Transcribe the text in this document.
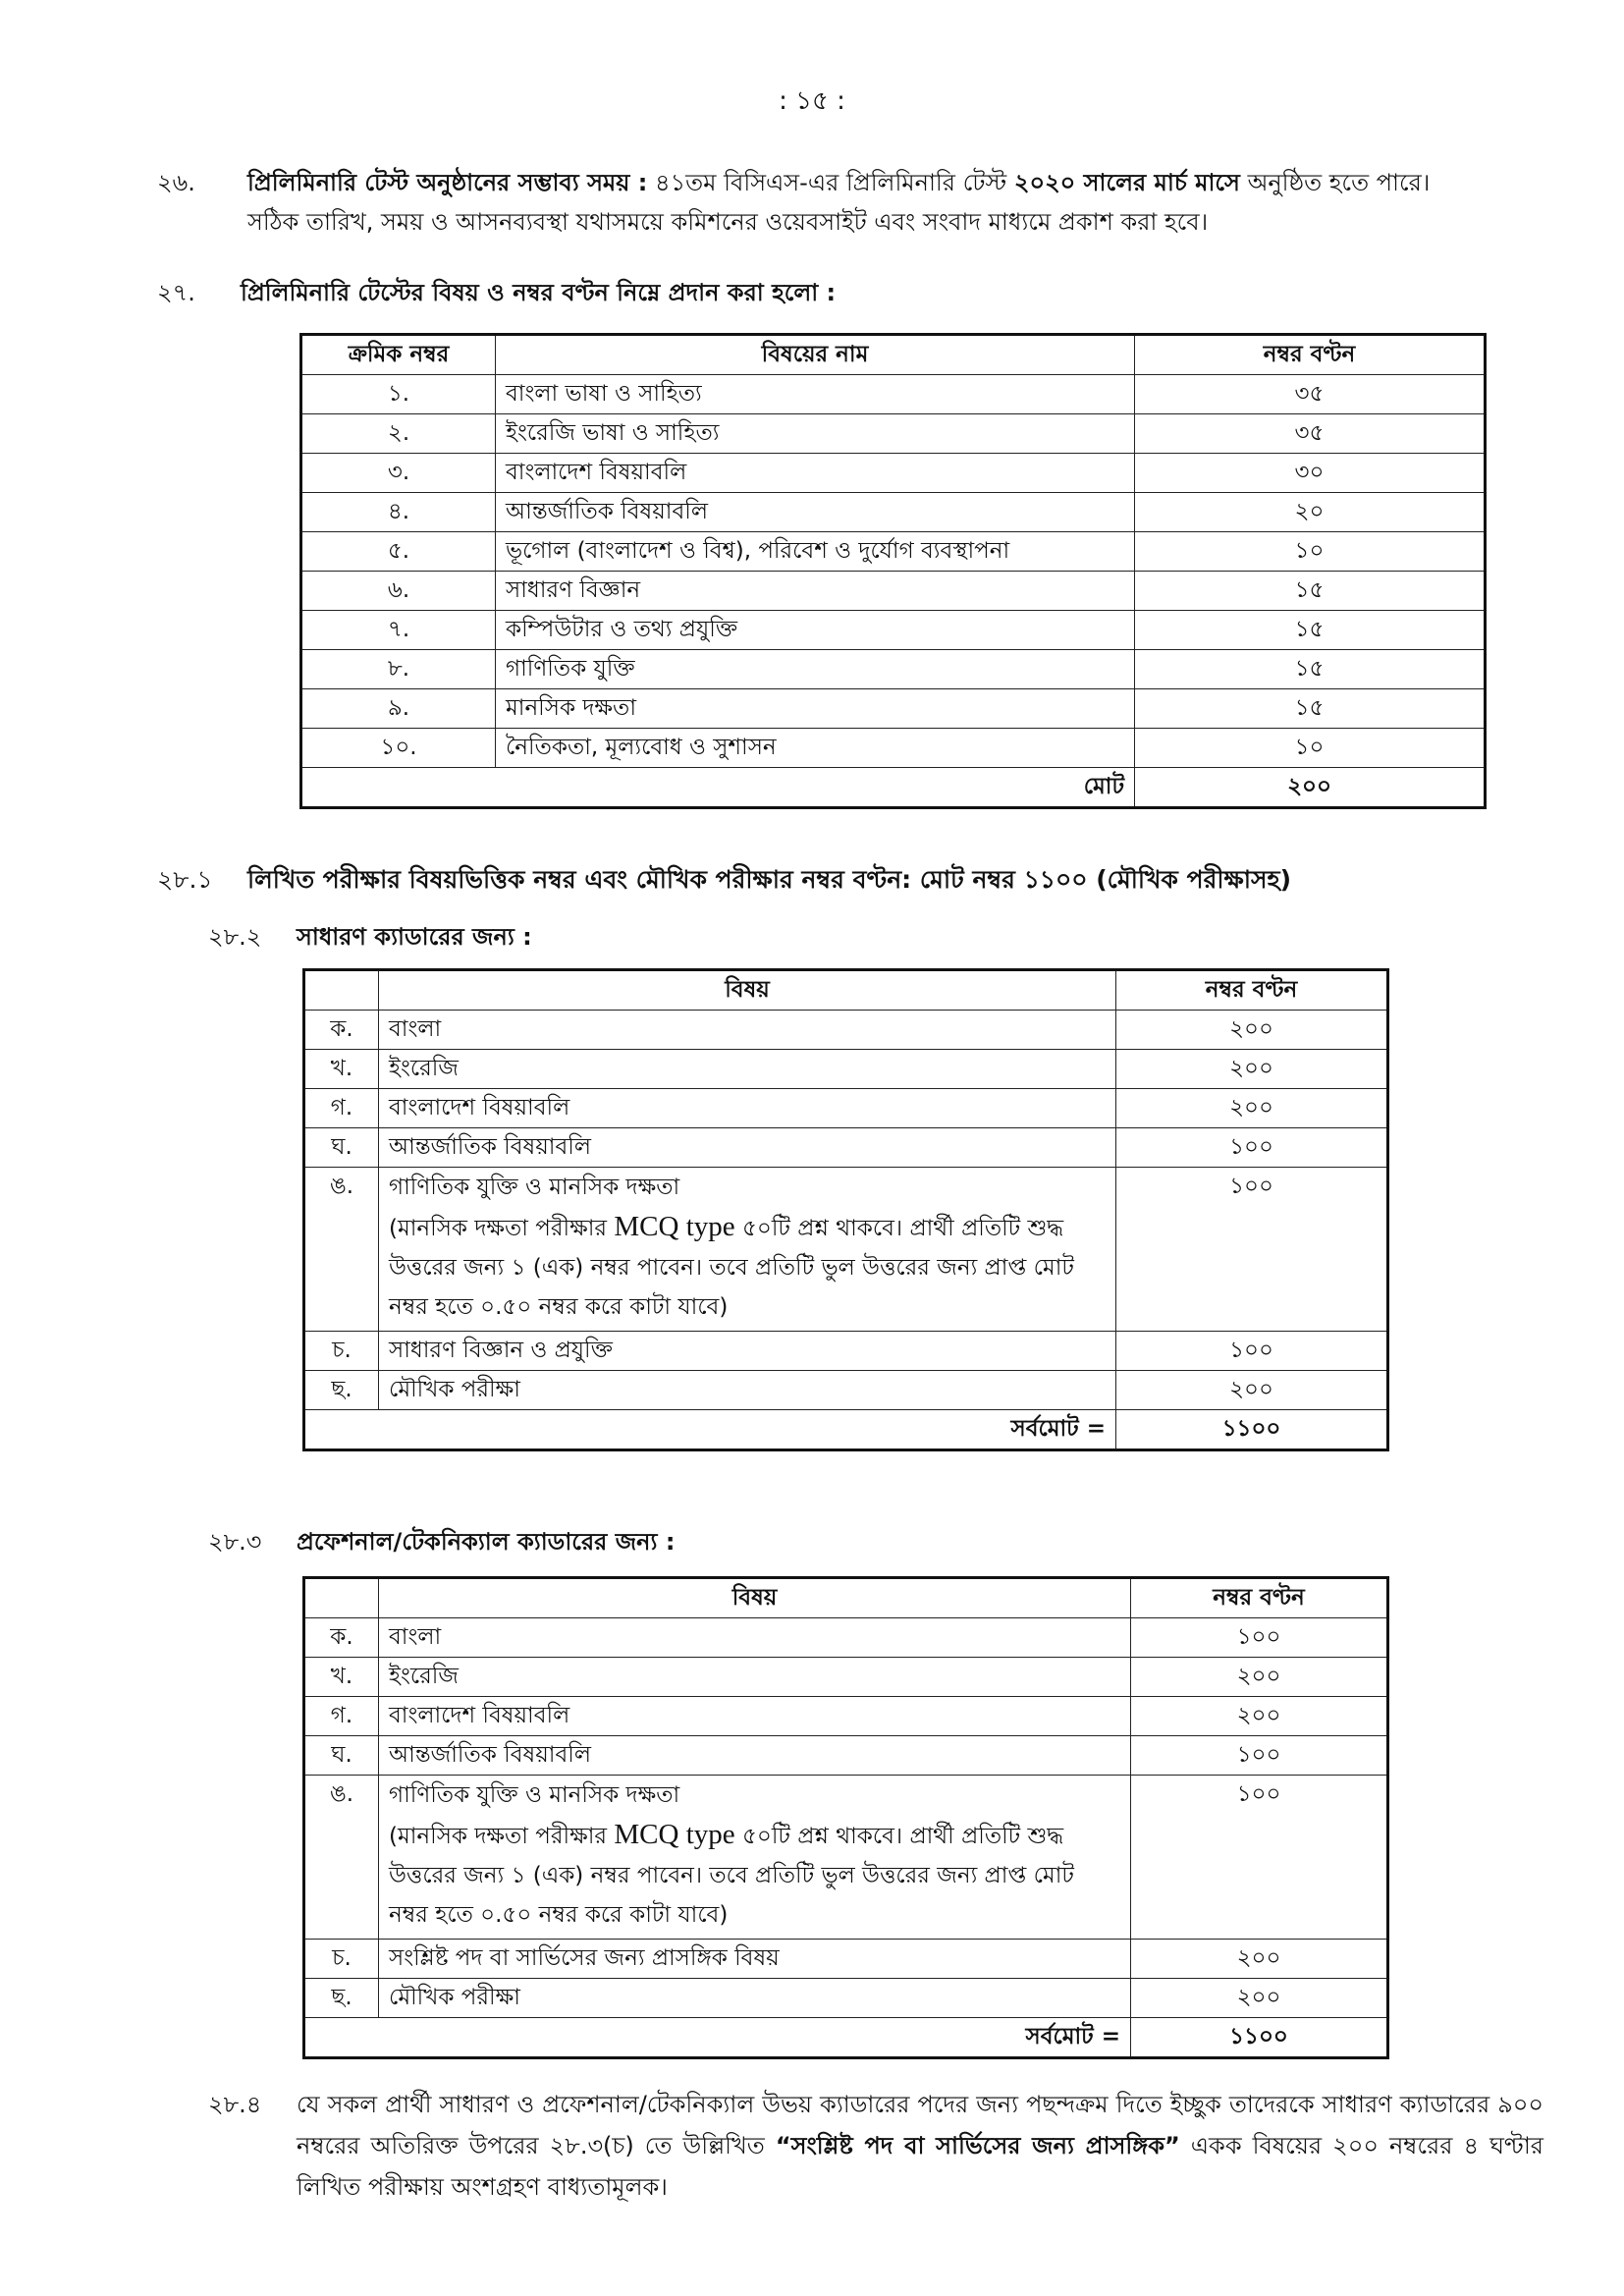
: ১৫ :
২৬. প্রিলিমিনারি টেস্ট অনুষ্ঠানের সম্ভাব্য সময় : ৪১তম বিসিএস-এর প্রিলিমিনারি টেস্ট ২০২০ সালের মার্চ মাসে অনুষ্ঠিত হতে পারে।
সঠিক তারিখ, সময় ও আসনব্যবস্থা যথাসময়ে কমিশনের ওয়েবসাইট এবং সংবাদ মাধ্যমে প্রকাশ করা হবে।
২৭. প্রিলিমিনারি টেস্টের বিষয় ও নম্বর বণ্টন নিম্নে প্রদান করা হলো :
ক্রমিক নম্বর	বিষয়ের নাম	নম্বর বণ্টন
১.	বাংলা ভাষা ও সাহিত্য	৩৫
২.	ইংরেজি ভাষা ও সাহিত্য	৩৫
৩.	বাংলাদেশ বিষয়াবলি	৩০
৪.	আন্তর্জাতিক বিষয়াবলি	২০
৫.	ভূগোল (বাংলাদেশ ও বিশ্ব), পরিবেশ ও দুর্যোগ ব্যবস্থাপনা	১০
৬.	সাধারণ বিজ্ঞান	১৫
৭.	কম্পিউটার ও তথ্য প্রযুক্তি	১৫
৮.	গাণিতিক যুক্তি	১৫
৯.	মানসিক দক্ষতা	১৫
১০.	নৈতিকতা, মূল্যবোধ ও সুশাসন	১০
মোট		২০০
২৮.১ লিখিত পরীক্ষার বিষয়ভিত্তিক নম্বর এবং মৌখিক পরীক্ষার নম্বর বণ্টন: মোট নম্বর ১১০০ (মৌখিক পরীক্ষাসহ)
২৮.২ সাধারণ ক্যাডারের জন্য :
	বিষয়	নম্বর বণ্টন
ক.	বাংলা	২০০
খ.	ইংরেজি	২০০
গ.	বাংলাদেশ বিষয়াবলি	২০০
ঘ.	আন্তর্জাতিক বিষয়াবলি	১০০
ঙ.	গাণিতিক যুক্তি ও মানসিক দক্ষতা
(মানসিক দক্ষতা পরীক্ষার MCQ type ৫০টি প্রশ্ন থাকবে। প্রার্থী প্রতিটি শুদ্ধ উত্তরের জন্য ১ (এক) নম্বর পাবেন। তবে প্রতিটি ভুল উত্তরের জন্য প্রাপ্ত মোট নম্বর হতে ০.৫০ নম্বর করে কাটা যাবে)	১০০
চ.	সাধারণ বিজ্ঞান ও প্রযুক্তি	১০০
ছ.	মৌখিক পরীক্ষা	২০০
সর্বমোট =		১১০০
২৮.৩ প্রফেশনাল/টেকনিক্যাল ক্যাডারের জন্য :
	বিষয়	নম্বর বণ্টন
ক.	বাংলা	১০০
খ.	ইংরেজি	২০০
গ.	বাংলাদেশ বিষয়াবলি	২০০
ঘ.	আন্তর্জাতিক বিষয়াবলি	১০০
ঙ.	গাণিতিক যুক্তি ও মানসিক দক্ষতা
(মানসিক দক্ষতা পরীক্ষার MCQ type ৫০টি প্রশ্ন থাকবে। প্রার্থী প্রতিটি শুদ্ধ উত্তরের জন্য ১ (এক) নম্বর পাবেন। তবে প্রতিটি ভুল উত্তরের জন্য প্রাপ্ত মোট নম্বর হতে ০.৫০ নম্বর করে কাটা যাবে)	১০০
চ.	সংশ্লিষ্ট পদ বা সার্ভিসের জন্য প্রাসঙ্গিক বিষয়	২০০
ছ.	মৌখিক পরীক্ষা	২০০
সর্বমোট =		১১০০
২৮.৪ যে সকল প্রার্থী সাধারণ ও প্রফেশনাল/টেকনিক্যাল উভয় ক্যাডারের পদের জন্য পছন্দক্রম দিতে ইচ্ছুক তাদেরকে সাধারণ ক্যাডারের ৯০০ নম্বরের অতিরিক্ত উপরের ২৮.৩(চ) তে উল্লিখিত “সংশ্লিষ্ট পদ বা সার্ভিসের জন্য প্রাসঙ্গিক” একক বিষয়ের ২০০ নম্বরের ৪ ঘণ্টার লিখিত পরীক্ষায় অংশগ্রহণ বাধ্যতামূলক।
